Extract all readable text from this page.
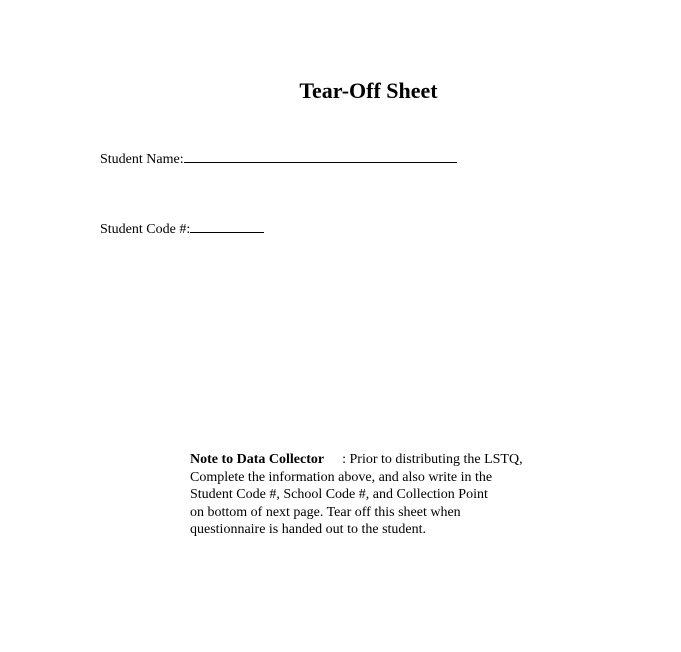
Tear-Off Sheet
Student Name:
Student Code #:
Note to Data Collector : Prior to distributing the LSTQ,
Complete the information above, and also write in the
Student Code #, School Code #, and Collection Point
on bottom of next page. Tear off this sheet when
questionnaire is handed out to the student.
